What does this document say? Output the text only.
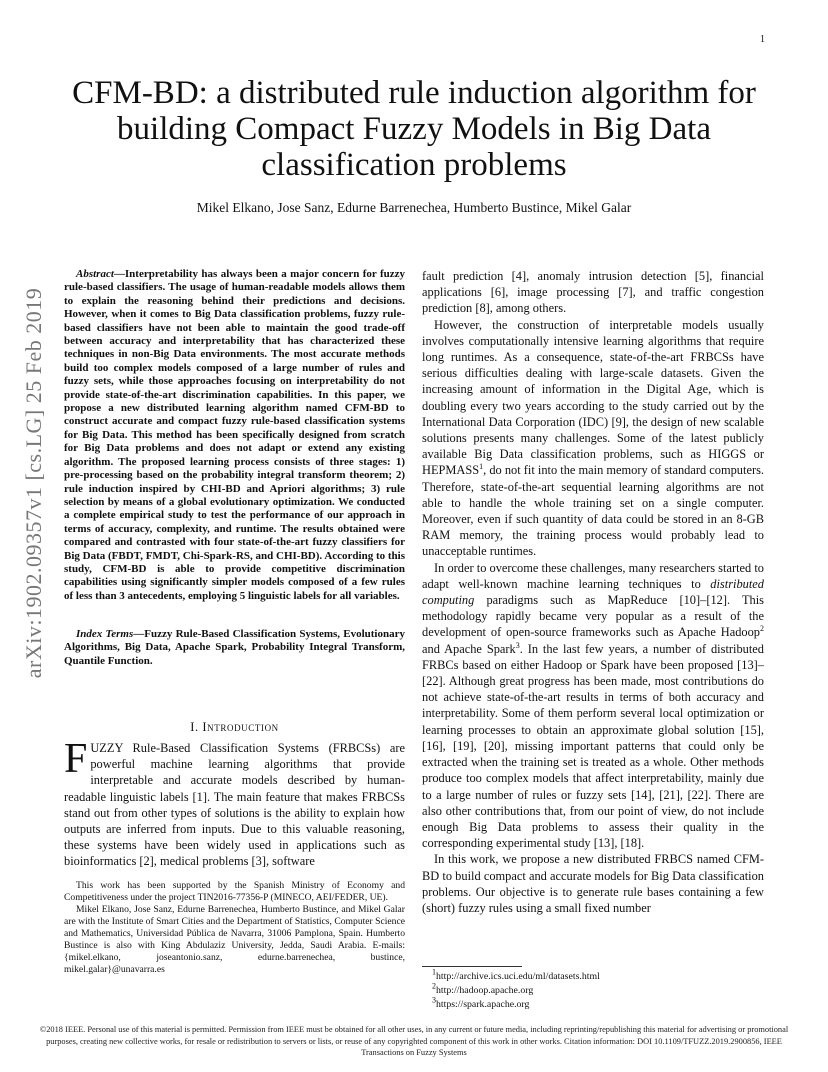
1
CFM-BD: a distributed rule induction algorithm for building Compact Fuzzy Models in Big Data classification problems
Mikel Elkano, Jose Sanz, Edurne Barrenechea, Humberto Bustince, Mikel Galar
arXiv:1902.09357v1 [cs.LG] 25 Feb 2019
Abstract—Interpretability has always been a major concern for fuzzy rule-based classifiers. The usage of human-readable models allows them to explain the reasoning behind their predictions and decisions. However, when it comes to Big Data classification problems, fuzzy rule-based classifiers have not been able to maintain the good trade-off between accuracy and interpretability that has characterized these techniques in non-Big Data environments. The most accurate methods build too complex models composed of a large number of rules and fuzzy sets, while those approaches focusing on interpretability do not provide state-of-the-art discrimination capabilities. In this paper, we propose a new distributed learning algorithm named CFM-BD to construct accurate and compact fuzzy rule-based classification systems for Big Data. This method has been specifically designed from scratch for Big Data problems and does not adapt or extend any existing algorithm. The proposed learning process consists of three stages: 1) pre-processing based on the probability integral transform theorem; 2) rule induction inspired by CHI-BD and Apriori algorithms; 3) rule selection by means of a global evolutionary optimization. We conducted a complete empirical study to test the performance of our approach in terms of accuracy, complexity, and runtime. The results obtained were compared and contrasted with four state-of-the-art fuzzy classifiers for Big Data (FBDT, FMDT, Chi-Spark-RS, and CHI-BD). According to this study, CFM-BD is able to provide competitive discrimination capabilities using significantly simpler models composed of a few rules of less than 3 antecedents, employing 5 linguistic labels for all variables.
Index Terms—Fuzzy Rule-Based Classification Systems, Evolutionary Algorithms, Big Data, Apache Spark, Probability Integral Transform, Quantile Function.
I. Introduction
FUZZY Rule-Based Classification Systems (FRBCSs) are powerful machine learning algorithms that provide interpretable and accurate models described by human-readable linguistic labels [1]. The main feature that makes FRBCSs stand out from other types of solutions is the ability to explain how outputs are inferred from inputs. Due to this valuable reasoning, these systems have been widely used in applications such as bioinformatics [2], medical problems [3], software

This work has been supported by the Spanish Ministry of Economy and Competitiveness under the project TIN2016-77356-P (MINECO, AEI/FEDER, UE).

Mikel Elkano, Jose Sanz, Edurne Barrenechea, Humberto Bustince, and Mikel Galar are with the Institute of Smart Cities and the Department of Statistics, Computer Science and Mathematics, Universidad Pública de Navarra, 31006 Pamplona, Spain. Humberto Bustince is also with King Abdulaziz University, Jedda, Saudi Arabia. E-mails: {mikel.elkano, joseantonio.sanz, edurne.barrenechea, bustince, mikel.galar}@unavarra.es

fault prediction [4], anomaly intrusion detection [5], financial applications [6], image processing [7], and traffic congestion prediction [8], among others.

However, the construction of interpretable models usually involves computationally intensive learning algorithms that require long runtimes. As a consequence, state-of-the-art FRBCSs have serious difficulties dealing with large-scale datasets. Given the increasing amount of information in the Digital Age, which is doubling every two years according to the study carried out by the International Data Corporation (IDC) [9], the design of new scalable solutions presents many challenges. Some of the latest publicly available Big Data classification problems, such as HIGGS or HEPMASS$^1$, do not fit into the main memory of standard computers. Therefore, state-of-the-art sequential learning algorithms are not able to handle the whole training set on a single computer. Moreover, even if such quantity of data could be stored in an 8-GB RAM memory, the training process would probably lead to unacceptable runtimes.

In order to overcome these challenges, many researchers started to adapt well-known machine learning techniques to distributed computing paradigms such as MapReduce [10]–[12]. This methodology rapidly became very popular as a result of the development of open-source frameworks such as Apache Hadoop$^2$ and Apache Spark$^3$. In the last few years, a number of distributed FRBCs based on either Hadoop or Spark have been proposed [13]–[22]. Although great progress has been made, most contributions do not achieve state-of-the-art results in terms of both accuracy and interpretability. Some of them perform several local optimization or learning processes to obtain an approximate global solution [15], [16], [19], [20], missing important patterns that could only be extracted when the training set is treated as a whole. Other methods produce too complex models that affect interpretability, mainly due to a large number of rules or fuzzy sets [14], [21], [22]. There are also other contributions that, from our point of view, do not include enough Big Data problems to assess their quality in the corresponding experimental study [13], [18].

In this work, we propose a new distributed FRBCS named CFM-BD to build compact and accurate models for Big Data classification problems. Our objective is to generate rule bases containing a few (short) fuzzy rules using a small fixed number

$^1$http://archive.ics.uci.edu/ml/datasets.html
$^2$http://hadoop.apache.org
$^3$https://spark.apache.org
©2018 IEEE. Personal use of this material is permitted. Permission from IEEE must be obtained for all other uses, in any current or future media, including reprinting/republishing this material for advertising or promotional purposes, creating new collective works, for resale or redistribution to servers or lists, or reuse of any copyrighted component of this work in other works. Citation information: DOI 10.1109/TFUZZ.2019.2900856, IEEE Transactions on Fuzzy Systems
